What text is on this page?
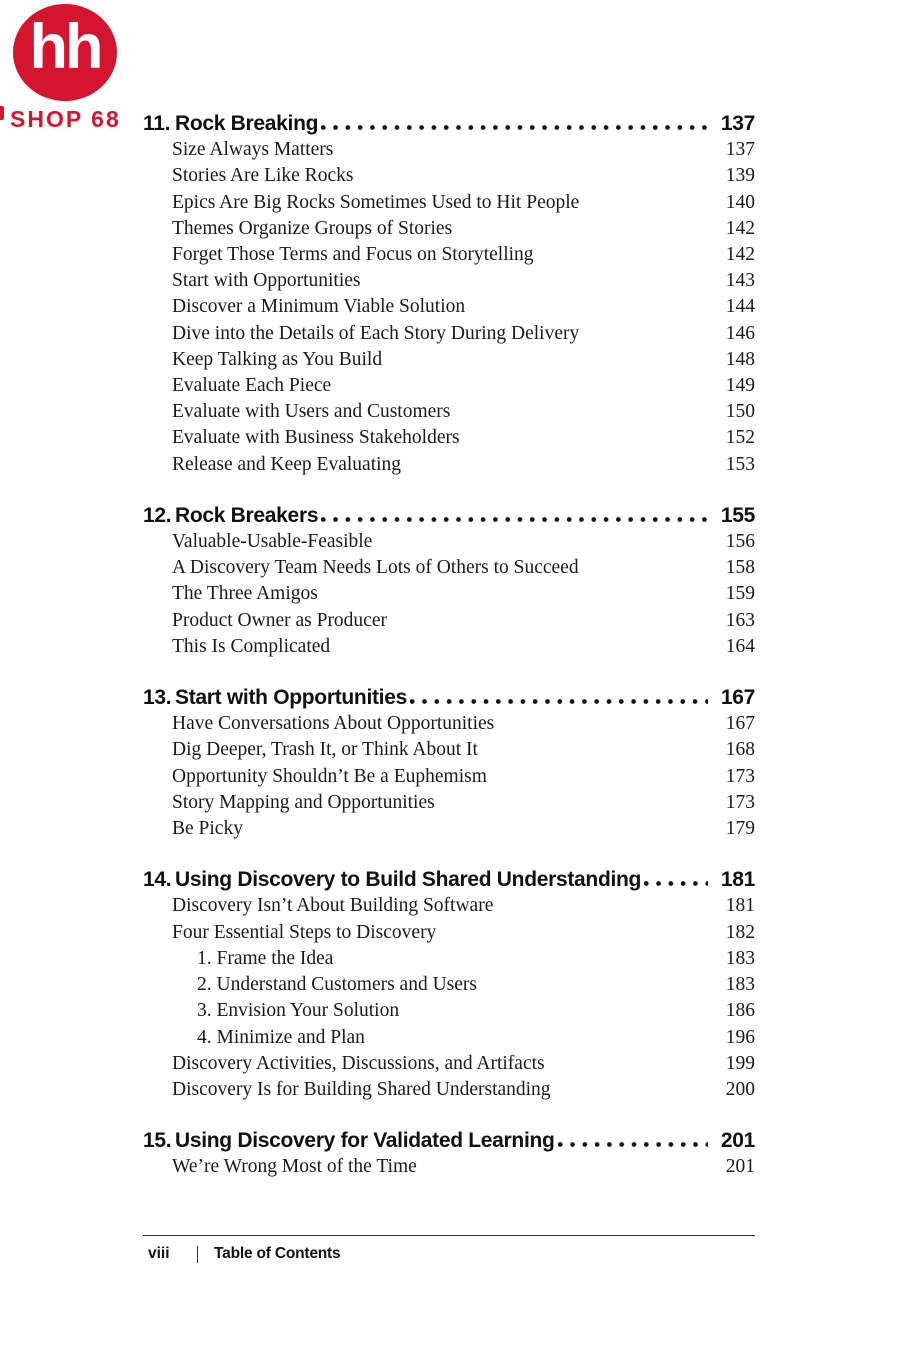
hh
SHOP 68	11. Rock Breaking	137
Size Always Matters	137
Stories Are Like Rocks	139
Epics Are Big Rocks Sometimes Used to Hit People	140
Themes Organize Groups of Stories	142
Forget Those Terms and Focus on Storytelling	142
Start with Opportunities	143
Discover a Minimum Viable Solution	144
Dive into the Details of Each Story During Delivery	146
Keep Talking as You Build	148
Evaluate Each Piece	149
Evaluate with Users and Customers	150
Evaluate with Business Stakeholders	152
Release and Keep Evaluating	153
12. Rock Breakers	155
Valuable-Usable-Feasible	156
A Discovery Team Needs Lots of Others to Succeed	158
The Three Amigos	159
Product Owner as Producer	163
This Is Complicated	164
13. Start with Opportunities	167
Have Conversations About Opportunities	167
Dig Deeper, Trash It, or Think About It	168
Opportunity Shouldn’t Be a Euphemism	173
Story Mapping and Opportunities	173
Be Picky	179
14. Using Discovery to Build Shared Understanding	181
Discovery Isn’t About Building Software	181
Four Essential Steps to Discovery	182
1. Frame the Idea	183
2. Understand Customers and Users	183
3. Envision Your Solution	186
4. Minimize and Plan	196
Discovery Activities, Discussions, and Artifacts	199
Discovery Is for Building Shared Understanding	200
15. Using Discovery for Validated Learning	201
We’re Wrong Most of the Time	201
viii	Table of Contents
